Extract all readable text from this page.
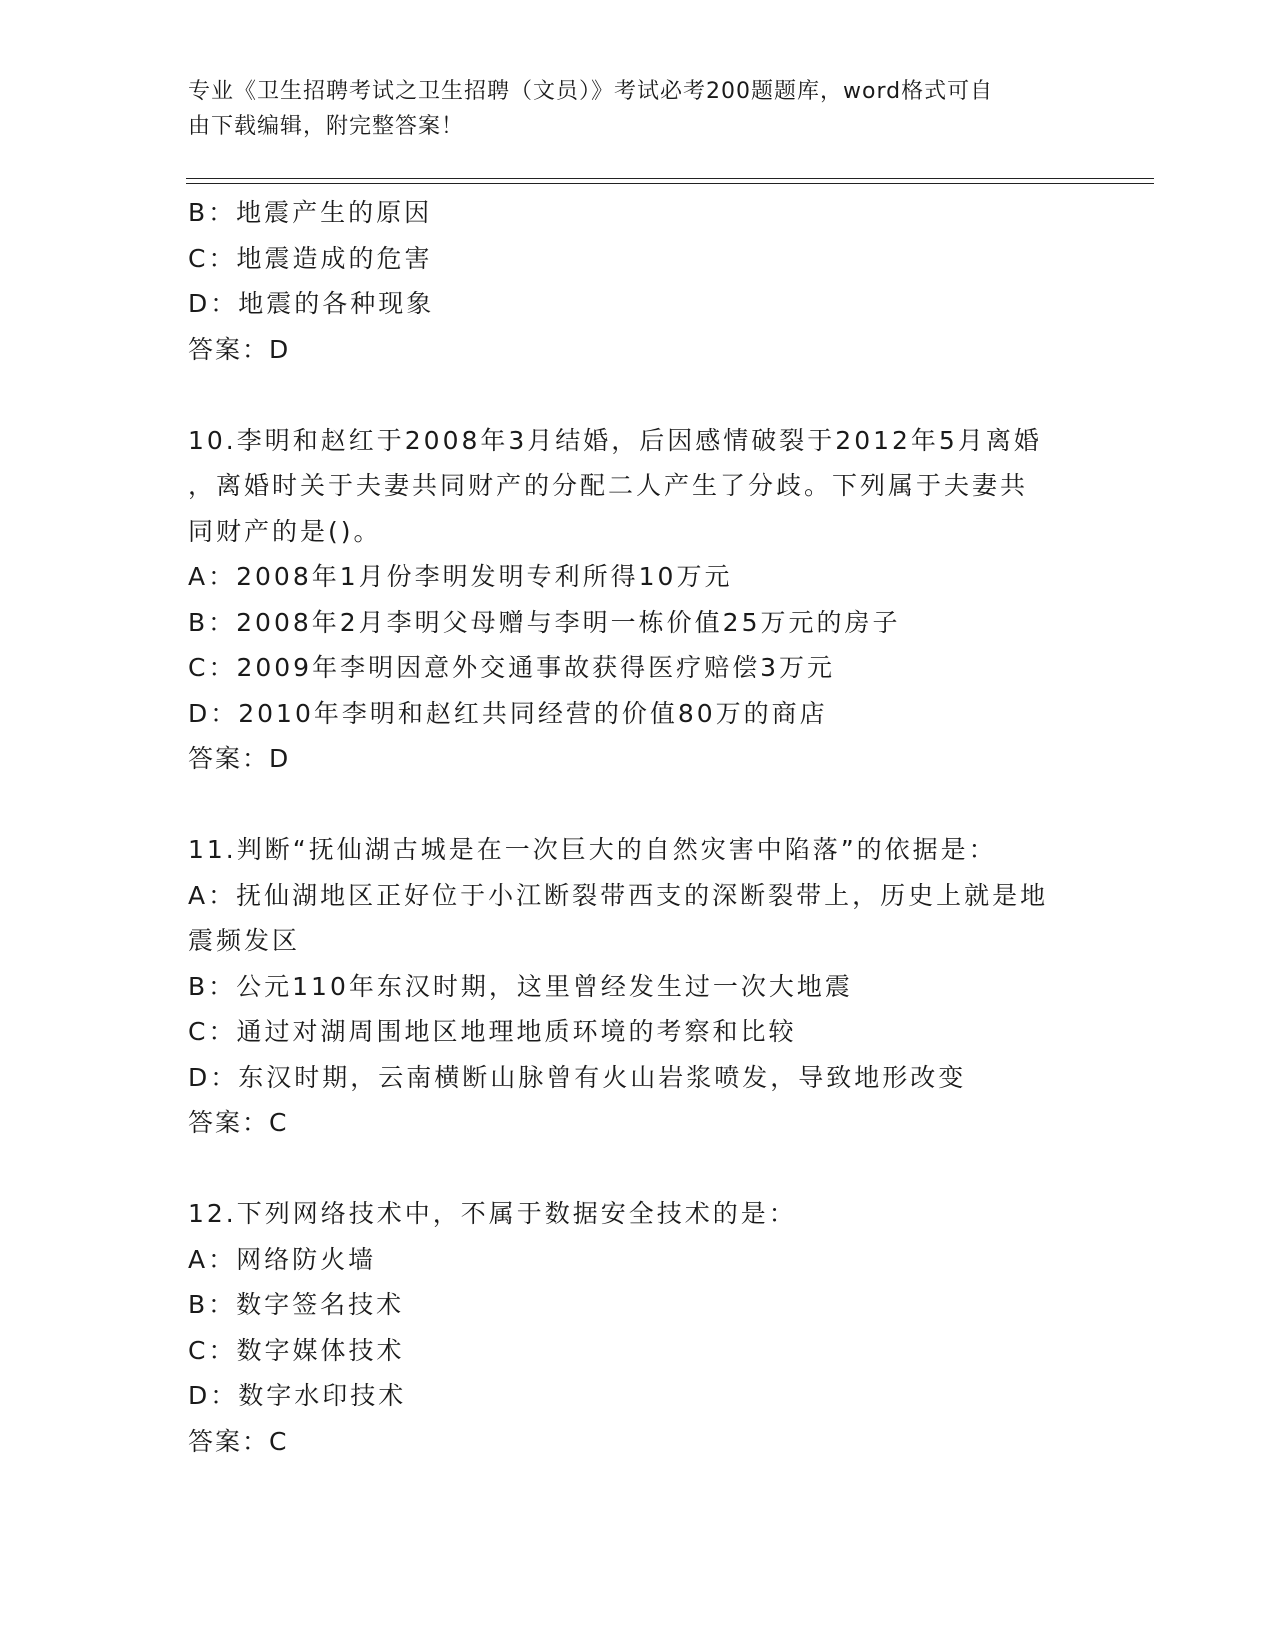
专业《卫生招聘考试之卫生招聘（文员）》考试必考200题题库，word格式可自
由下载编辑，附完整答案！
B：地震产生的原因
C：地震造成的危害
D：地震的各种现象
答案：D
10.李明和赵红于2008年3月结婚，后因感情破裂于2012年5月离婚
，离婚时关于夫妻共同财产的分配二人产生了分歧。下列属于夫妻共
同财产的是()。
A：2008年1月份李明发明专利所得10万元
B：2008年2月李明父母赠与李明一栋价值25万元的房子
C：2009年李明因意外交通事故获得医疗赔偿3万元
D：2010年李明和赵红共同经营的价值80万的商店
答案：D
11.判断“抚仙湖古城是在一次巨大的自然灾害中陷落”的依据是：
A：抚仙湖地区正好位于小江断裂带西支的深断裂带上，历史上就是地
震频发区
B：公元110年东汉时期，这里曾经发生过一次大地震
C：通过对湖周围地区地理地质环境的考察和比较
D：东汉时期，云南横断山脉曾有火山岩浆喷发，导致地形改变
答案：C
12.下列网络技术中，不属于数据安全技术的是：
A：网络防火墙
B：数字签名技术
C：数字媒体技术
D：数字水印技术
答案：C
